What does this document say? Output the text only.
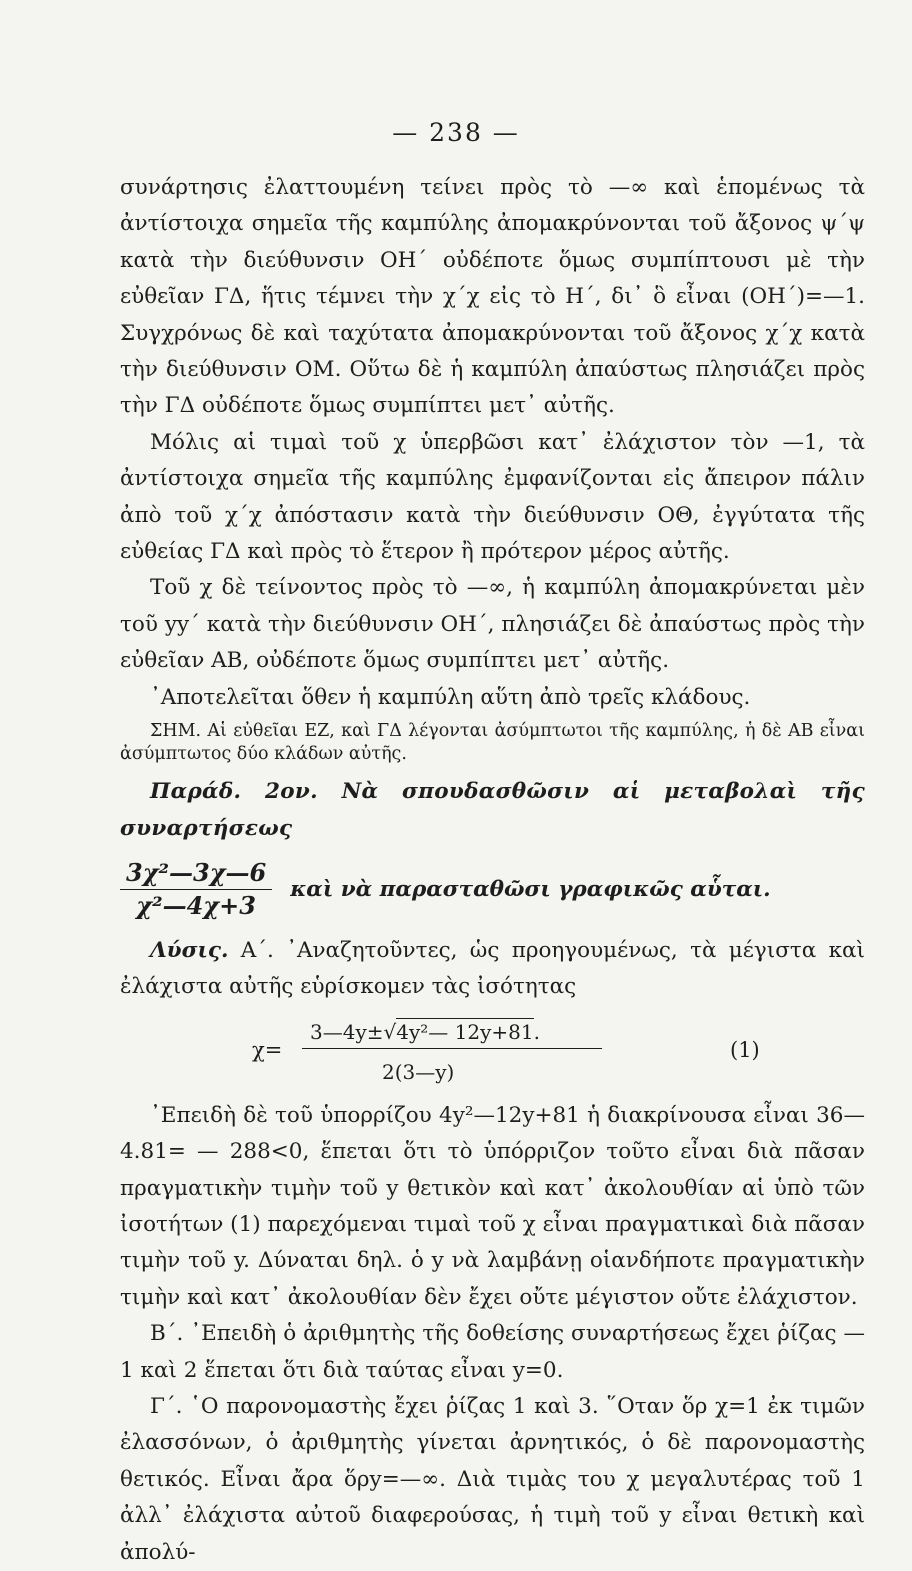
— 238 —

συνάρτησις ἐλαττουμένη τείνει πρὸς τὸ —∞ καὶ ἑπομένως τὰ ἀντίστοιχα σημεῖα τῆς καμπύλης ἀπομακρύνονται τοῦ ἄξονος ψ΄ψ κατὰ τὴν διεύθυνσιν ΟΗ΄ οὐδέποτε ὅμως συμπίπτουσι μὲ τὴν εὐθεῖαν ΓΔ, ἥτις τέμνει τὴν χ΄χ εἰς τὸ Η΄, δι᾽ ὃ εἶναι (ΟΗ΄)=—1. Συγχρόνως δὲ καὶ ταχύτατα ἀπομακρύνονται τοῦ ἄξονος χ΄χ κατὰ τὴν διεύθυνσιν ΟΜ. Οὕτω δὲ ἡ καμπύλη ἀπαύστως πλησιάζει πρὸς τὴν ΓΔ οὐδέποτε ὅμως συμπίπτει μετ᾽ αὐτῆς.

Μόλις αἱ τιμαὶ τοῦ χ ὑπερβῶσι κατ᾽ ἐλάχιστον τὸν —1, τὰ ἀντίστοιχα σημεῖα τῆς καμπύλης ἐμφανίζονται εἰς ἄπειρον πάλιν ἀπὸ τοῦ χ΄χ ἀπόστασιν κατὰ τὴν διεύθυνσιν ΟΘ, ἐγγύτατα τῆς εὐθείας ΓΔ καὶ πρὸς τὸ ἕτερον ἢ πρότερον μέρος αὐτῆς.

Τοῦ χ δὲ τείνοντος πρὸς τὸ —∞, ἡ καμπύλη ἀπομακρύνεται μὲν τοῦ yy΄ κατὰ τὴν διεύθυνσιν ΟΗ΄, πλησιάζει δὲ ἀπαύστως πρὸς τὴν εὐθεῖαν ΑΒ, οὐδέποτε ὅμως συμπίπτει μετ᾽ αὐτῆς.

᾽Αποτελεῖται ὅθεν ἡ καμπύλη αὕτη ἀπὸ τρεῖς κλάδους.

ΣΗΜ. Αἱ εὐθεῖαι ΕΖ, καὶ ΓΔ λέγονται ἀσύμπτωτοι τῆς καμπύλης, ἡ δὲ ΑΒ εἶναι ἀσύμπτωτος δύο κλάδων αὐτῆς.

Παράδ. 2ον. Νὰ σπουδασθῶσιν αἱ μεταβολαὶ τῆς συναρτήσεως

$\frac{\text{3χ²—3χ—6}}{\text{χ²—4χ+3}}$ καὶ νὰ παρασταθῶσι γραφικῶς αὗται.

Λύσις. Α΄. ᾽Αναζητοῦντες, ὡς προηγουμένως, τὰ μέγιστα καὶ ἐλάχιστα αὐτῆς εὑρίσκομεν τὰς ἰσότητας

χ=
3—4y±√4y²— 12y+81.
2(3—y)
(1)

᾽Επειδὴ δὲ τοῦ ὑπορρίζου 4y²—12y+81 ἡ διακρίνουσα εἶναι 36—4.81= — 288<0, ἕπεται ὅτι τὸ ὑπόρριζον τοῦτο εἶναι διὰ πᾶσαν πραγματικὴν τιμὴν τοῦ y θετικὸν καὶ κατ᾽ ἀκολουθίαν αἱ ὑπὸ τῶν ἰσοτήτων (1) παρεχόμεναι τιμαὶ τοῦ χ εἶναι πραγματικαὶ διὰ πᾶσαν τιμὴν τοῦ y. Δύναται δηλ. ὁ y νὰ λαμβάνῃ οἱανδήποτε πραγματικὴν τιμὴν καὶ κατ᾽ ἀκολουθίαν δὲν ἔχει οὔτε μέγιστον οὔτε ἐλάχιστον.

Β΄. ᾽Επειδὴ ὁ ἀριθμητὴς τῆς δοθείσης συναρτήσεως ἔχει ῥίζας —1 καὶ 2 ἕπεται ὅτι διὰ ταύτας εἶναι y=0.

Γ΄. ῾Ο παρονομαστὴς ἔχει ῥίζας 1 καὶ 3. ῞Οταν ὅρ χ=1 ἐκ τιμῶν ἐλασσόνων, ὁ ἀριθμητὴς γίνεται ἀρνητικός, ὁ δὲ παρονομαστὴς θετικός. Εἶναι ἄρα ὅρy=—∞. Διὰ τιμὰς του χ μεγαλυτέρας τοῦ 1 ἀλλ᾽ ἐλάχιστα αὐτοῦ διαφερούσας, ἡ τιμὴ τοῦ y εἶναι θετικὴ καὶ ἀπολύ-
